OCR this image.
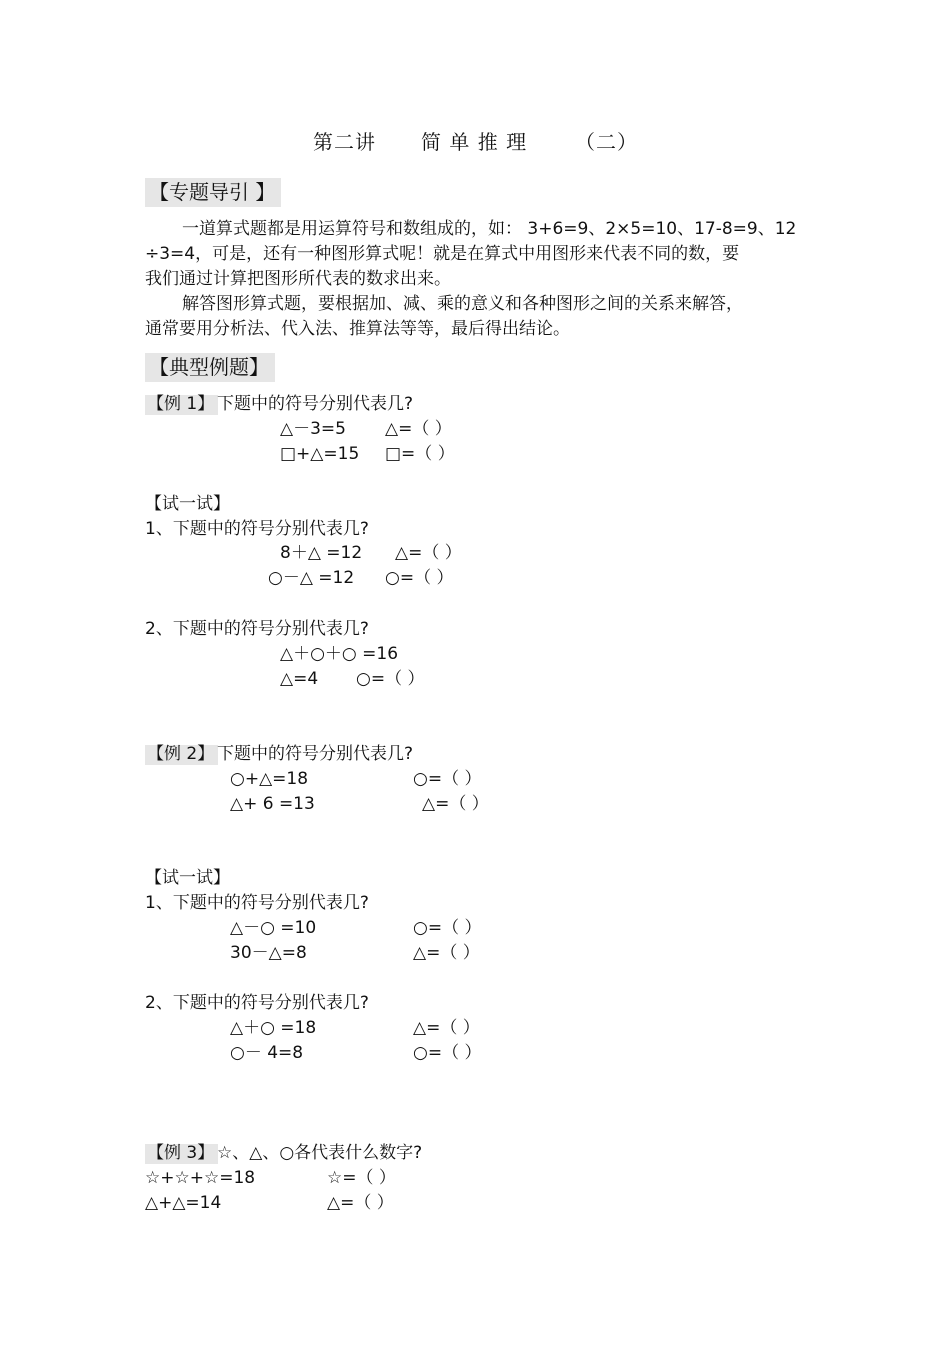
第二讲 简 单 推 理 （二）
【专题导引 】
一道算式题都是用运算符号和数组成的，如： 3+6=9、2×5=10、17-8=9、12
÷3=4，可是，还有一种图形算式呢！就是在算式中用图形来代表不同的数，要
我们通过计算把图形所代表的数求出来。
解答图形算式题，要根据加、减、乘的意义和各种图形之间的关系来解答，
通常要用分析法、代入法、推算法等等，最后得出结论。
【典型例题】
【例 1】 下题中的符号分别代表几?
△－3=5 △=（ ）
□+△=15 □=（ ）
【试一试】
1、下题中的符号分别代表几?
8＋△ =12 △=（ ）
○－△ =12 ○=（ ）
2、下题中的符号分别代表几?
△＋○＋○ =16
△=4 ○=（ ）
【例 2】 下题中的符号分别代表几?
○+△=18	○=（ ）
△+ 6 =13	△=（ ）
【试一试】
1、下题中的符号分别代表几?
△－○ =10	○=（ ）
30－△=8	△=（ ）
2、下题中的符号分别代表几?
△＋○ =18	△=（ ）
○－ 4=8	○=（ ）
【例 3】 ☆、△、○各代表什么数字?
☆+☆+☆=18	☆=（ ）
△+△=14	△=（ ）
